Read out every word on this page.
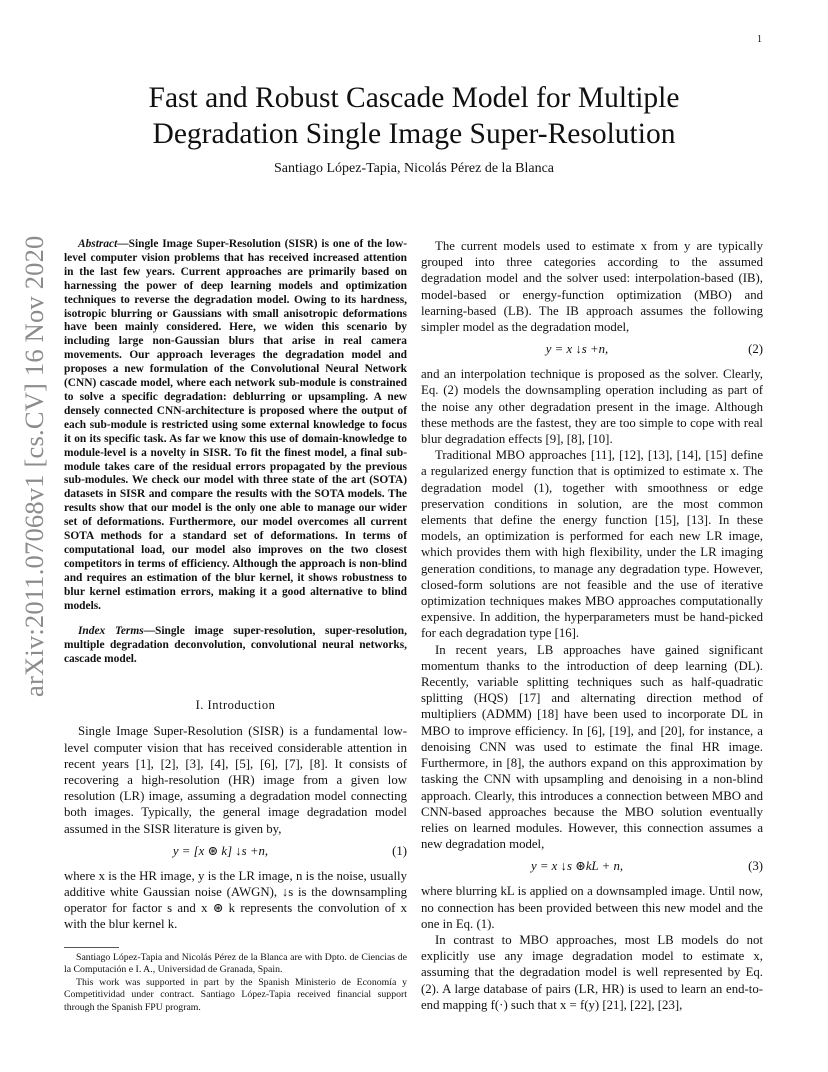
1
arXiv:2011.07068v1 [cs.CV] 16 Nov 2020
Fast and Robust Cascade Model for Multiple
Degradation Single Image Super-Resolution
Santiago López-Tapia, Nicolás Pérez de la Blanca

Abstract—Single Image Super-Resolution (SISR) is one of the low-level computer vision problems that has received increased attention in the last few years. Current approaches are primarily based on harnessing the power of deep learning models and optimization techniques to reverse the degradation model. Owing to its hardness, isotropic blurring or Gaussians with small anisotropic deformations have been mainly considered. Here, we widen this scenario by including large non-Gaussian blurs that arise in real camera movements. Our approach leverages the degradation model and proposes a new formulation of the Convolutional Neural Network (CNN) cascade model, where each network sub-module is constrained to solve a specific degradation: deblurring or upsampling. A new densely connected CNN-architecture is proposed where the output of each sub-module is restricted using some external knowledge to focus it on its specific task. As far we know this use of domain-knowledge to module-level is a novelty in SISR. To fit the finest model, a final sub-module takes care of the residual errors propagated by the previous sub-modules. We check our model with three state of the art (SOTA) datasets in SISR and compare the results with the SOTA models. The results show that our model is the only one able to manage our wider set of deformations. Furthermore, our model overcomes all current SOTA methods for a standard set of deformations. In terms of computational load, our model also improves on the two closest competitors in terms of efficiency. Although the approach is non-blind and requires an estimation of the blur kernel, it shows robustness to blur kernel estimation errors, making it a good alternative to blind models.

Index Terms—Single image super-resolution, super-resolution, multiple degradation deconvolution, convolutional neural networks, cascade model.

I. Introduction

Single Image Super-Resolution (SISR) is a fundamental low-level computer vision that has received considerable attention in recent years [1], [2], [3], [4], [5], [6], [7], [8]. It consists of recovering a high-resolution (HR) image from a given low resolution (LR) image, assuming a degradation model connecting both images. Typically, the general image degradation model assumed in the SISR literature is given by,

y = [x ⊛ k] ↓s +n,	(1)

where x is the HR image, y is the LR image, n is the noise, usually additive white Gaussian noise (AWGN), ↓s is the downsampling operator for factor s and x ⊛ k represents the convolution of x with the blur kernel k.

Santiago López-Tapia and Nicolás Pérez de la Blanca are with Dpto. de Ciencias de la Computación e I. A., Universidad de Granada, Spain.

This work was supported in part by the Spanish Ministerio de Economía y Competitividad under contract. Santiago López-Tapia received financial support through the Spanish FPU program.

The current models used to estimate x from y are typically grouped into three categories according to the assumed degradation model and the solver used: interpolation-based (IB), model-based or energy-function optimization (MBO) and learning-based (LB). The IB approach assumes the following simpler model as the degradation model,

y = x ↓s +n,	(2)

and an interpolation technique is proposed as the solver. Clearly, Eq. (2) models the downsampling operation including as part of the noise any other degradation present in the image. Although these methods are the fastest, they are too simple to cope with real blur degradation effects [9], [8], [10].

Traditional MBO approaches [11], [12], [13], [14], [15] define a regularized energy function that is optimized to estimate x. The degradation model (1), together with smoothness or edge preservation conditions in solution, are the most common elements that define the energy function [15], [13]. In these models, an optimization is performed for each new LR image, which provides them with high flexibility, under the LR imaging generation conditions, to manage any degradation type. However, closed-form solutions are not feasible and the use of iterative optimization techniques makes MBO approaches computationally expensive. In addition, the hyperparameters must be hand-picked for each degradation type [16].

In recent years, LB approaches have gained significant momentum thanks to the introduction of deep learning (DL). Recently, variable splitting techniques such as half-quadratic splitting (HQS) [17] and alternating direction method of multipliers (ADMM) [18] have been used to incorporate DL in MBO to improve efficiency. In [6], [19], and [20], for instance, a denoising CNN was used to estimate the final HR image. Furthermore, in [8], the authors expand on this approximation by tasking the CNN with upsampling and denoising in a non-blind approach. Clearly, this introduces a connection between MBO and CNN-based approaches because the MBO solution eventually relies on learned modules. However, this connection assumes a new degradation model,

y = x ↓s ⊛kL + n,	(3)

where blurring kL is applied on a downsampled image. Until now, no connection has been provided between this new model and the one in Eq. (1).

In contrast to MBO approaches, most LB models do not explicitly use any image degradation model to estimate x, assuming that the degradation model is well represented by Eq. (2). A large database of pairs (LR, HR) is used to learn an end-to-end mapping f(·) such that x = f(y) [21], [22], [23],
